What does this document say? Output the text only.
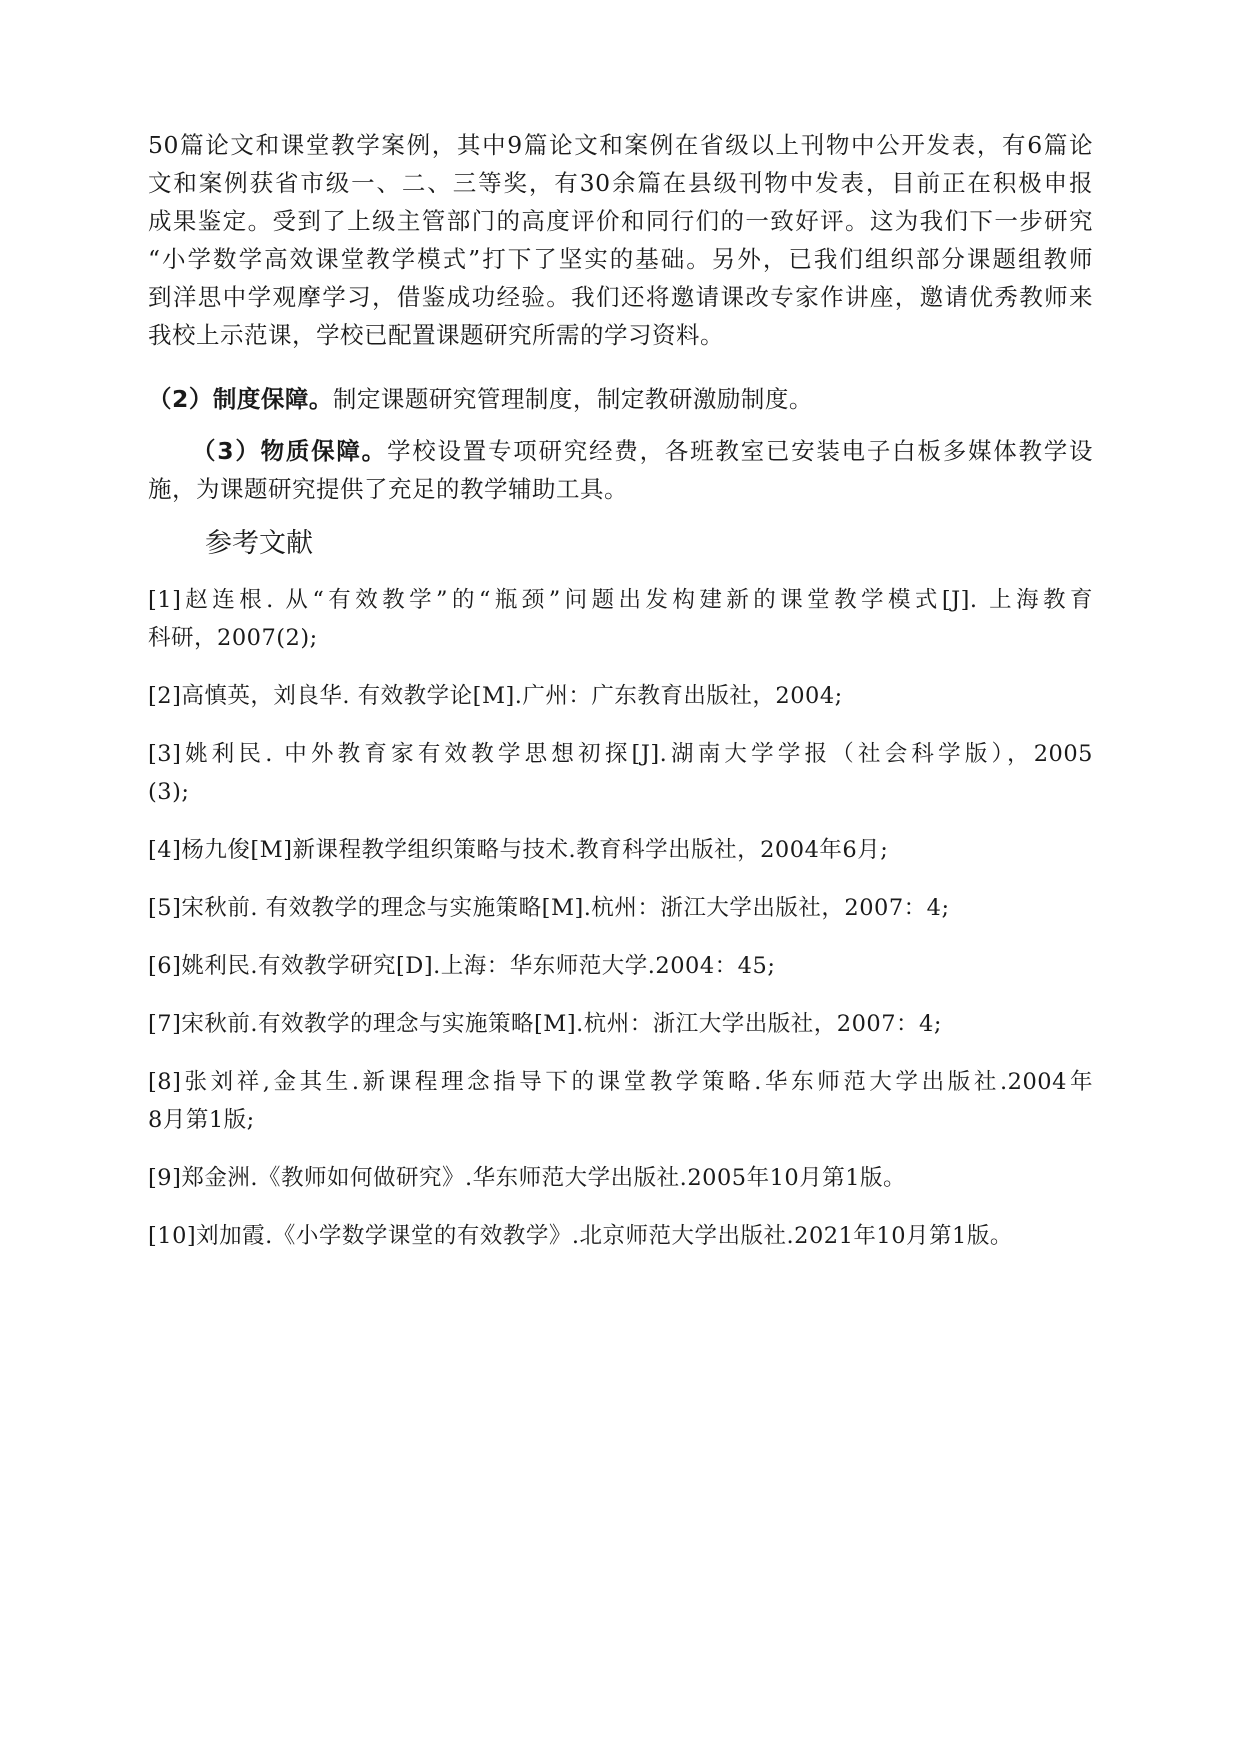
50篇论文和课堂教学案例，其中9篇论文和案例在省级以上刊物中公开发表，有6篇论
文和案例获省市级一、二、三等奖，有30余篇在县级刊物中发表，目前正在积极申报
成果鉴定。受到了上级主管部门的高度评价和同行们的一致好评。这为我们下一步研究
“小学数学高效课堂教学模式”打下了坚实的基础。另外，已我们组织部分课题组教师
到洋思中学观摩学习，借鉴成功经验。我们还将邀请课改专家作讲座，邀请优秀教师来
我校上示范课，学校已配置课题研究所需的学习资料。
（2）制度保障。制定课题研究管理制度，制定教研激励制度。
（3）物质保障。学校设置专项研究经费，各班教室已安装电子白板多媒体教学设
施，为课题研究提供了充足的教学辅助工具。
参考文献
[1]赵连根. 从“有效教学”的“瓶颈”问题出发构建新的课堂教学模式[J]. 上海教育
科研，2007(2);
[2]高慎英，刘良华. 有效教学论[M].广州：广东教育出版社，2004;
[3]姚利民. 中外教育家有效教学思想初探[J].湖南大学学报（社会科学版），2005
(3);
[4]杨九俊[M]新课程教学组织策略与技术.教育科学出版社，2004年6月;
[5]宋秋前. 有效教学的理念与实施策略[M].杭州：浙江大学出版社，2007：4;
[6]姚利民.有效教学研究[D].上海：华东师范大学.2004：45;
[7]宋秋前.有效教学的理念与实施策略[M].杭州：浙江大学出版社，2007：4;
[8]张刘祥,金其生.新课程理念指导下的课堂教学策略.华东师范大学出版社.2004年
8月第1版;
[9]郑金洲.《教师如何做研究》.华东师范大学出版社.2005年10月第1版。
[10]刘加霞.《小学数学课堂的有效教学》.北京师范大学出版社.2021年10月第1版。
